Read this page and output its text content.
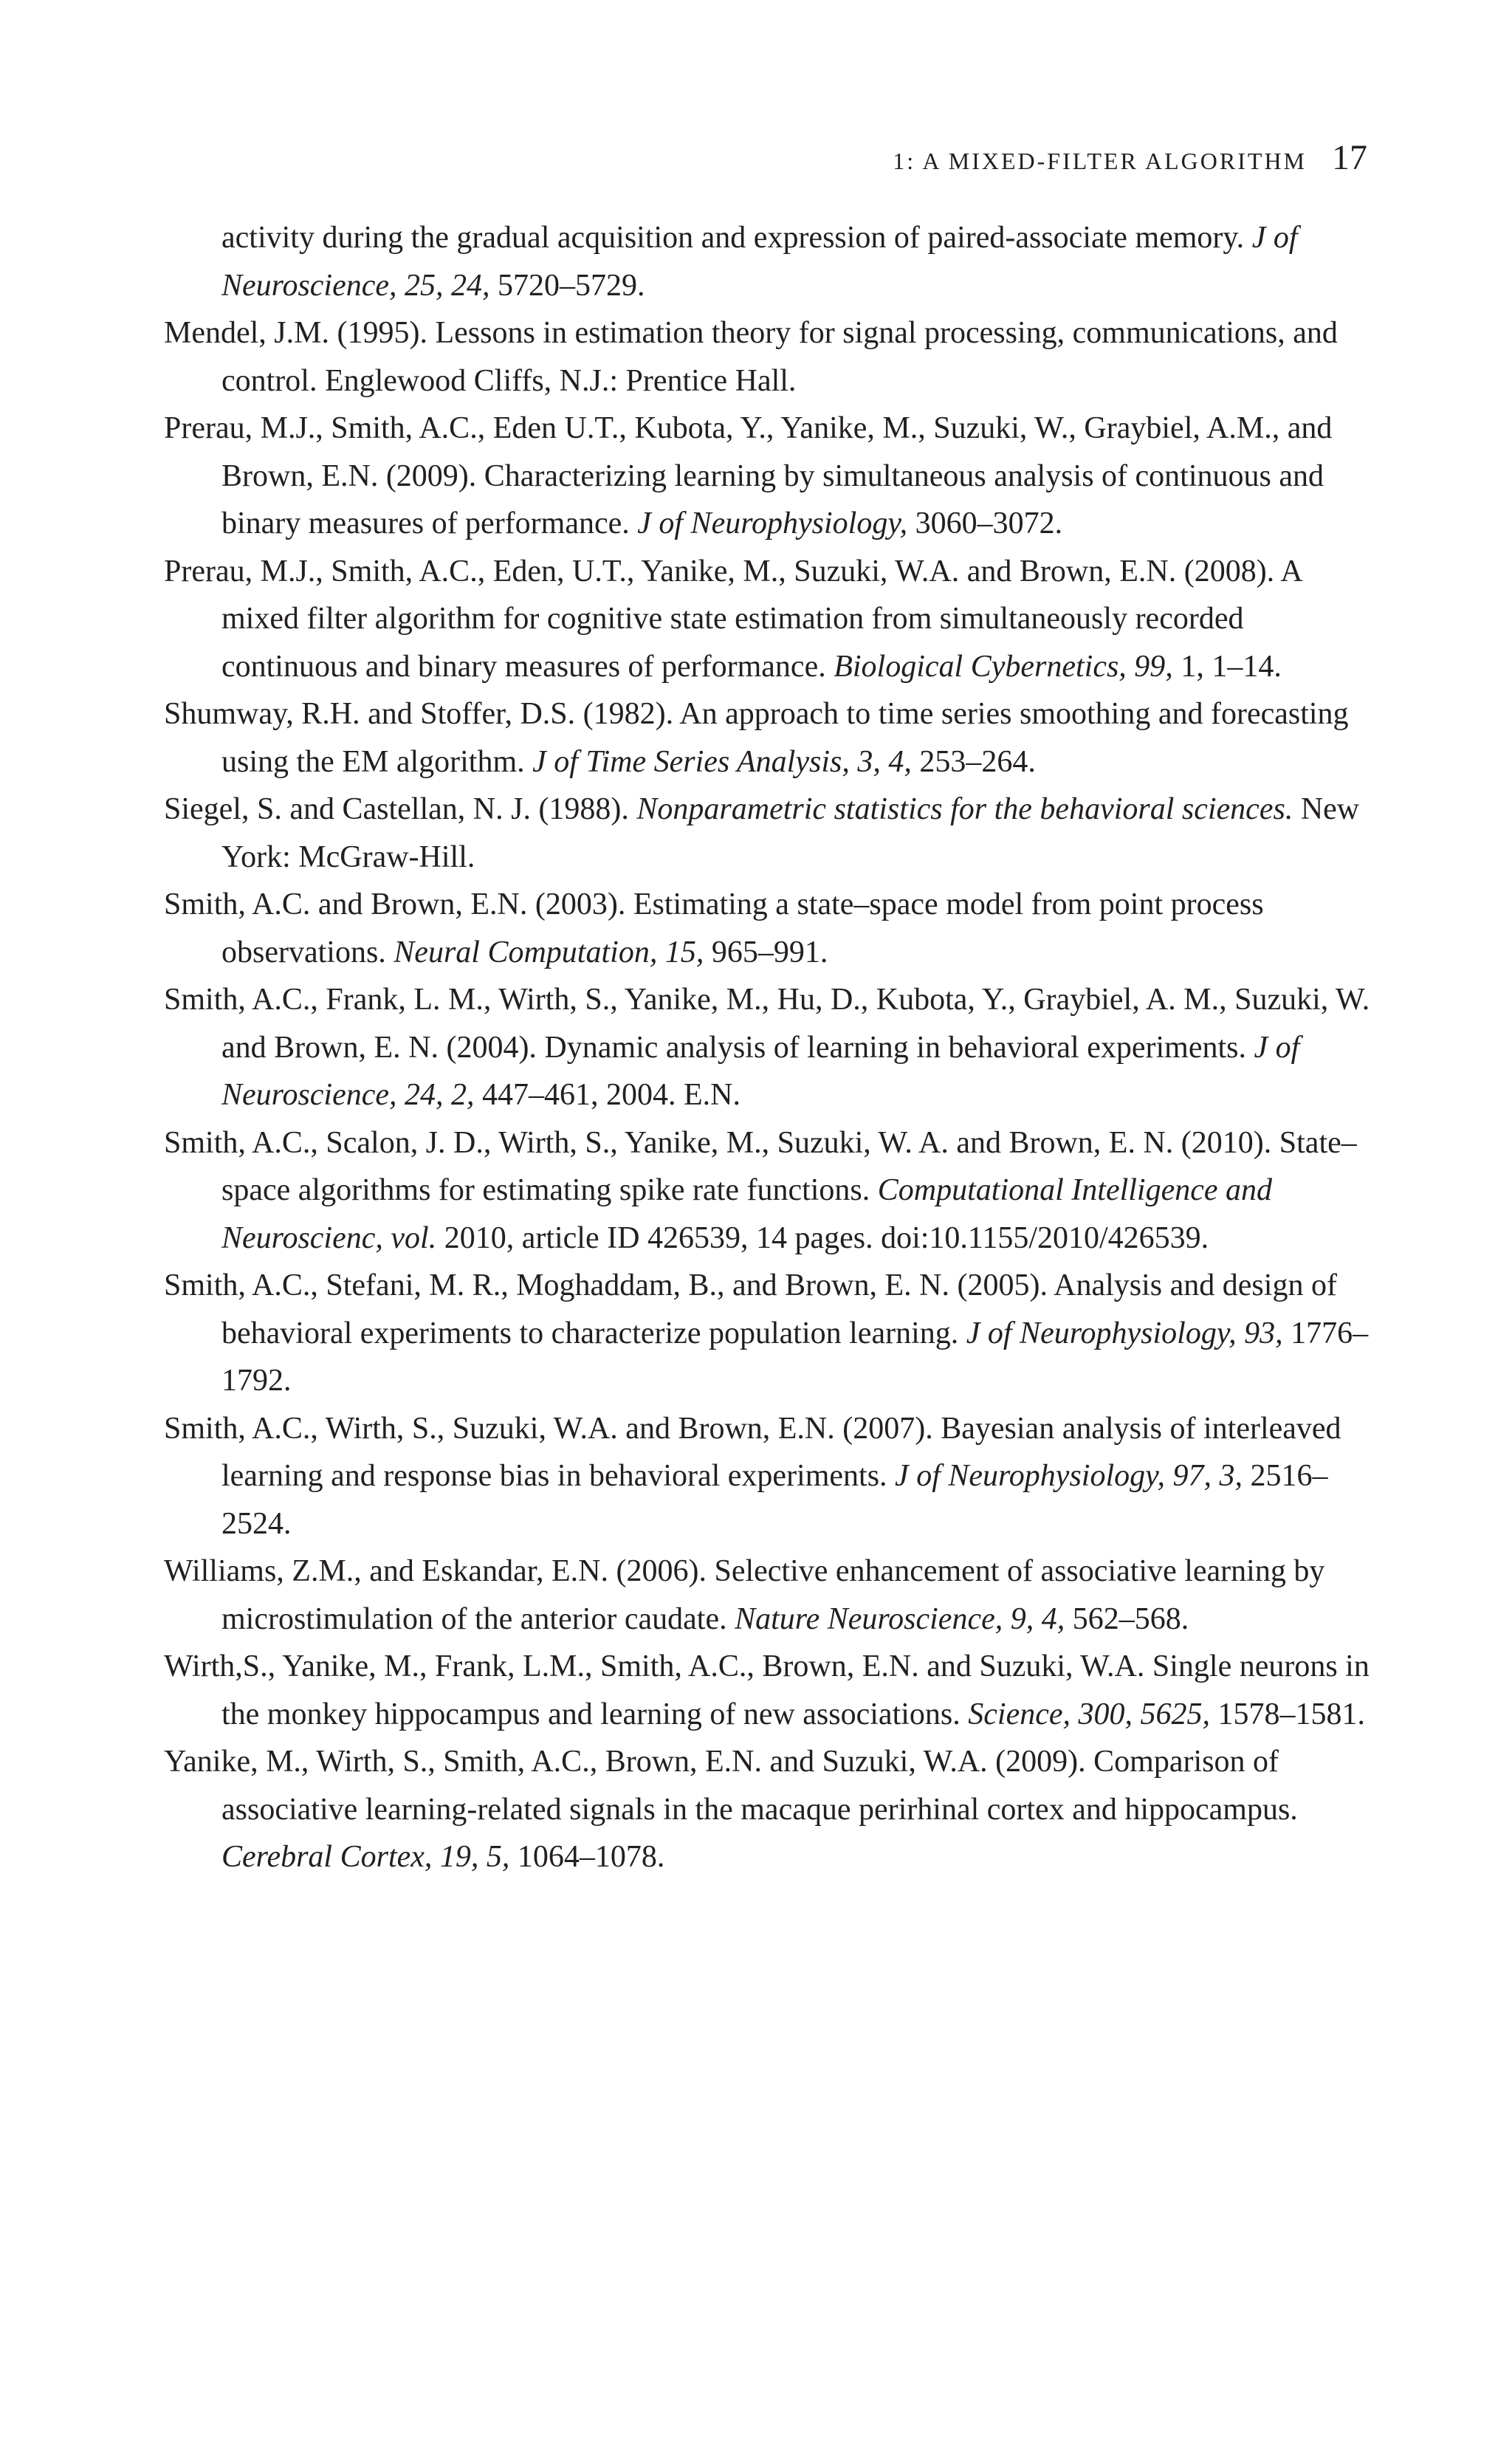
1: A MIXED-FILTER ALGORITHM 17

activity during the gradual acquisition and expression of paired-associate memory. J of Neuroscience, 25, 24, 5720–5729.

Mendel, J.M. (1995). Lessons in estimation theory for signal processing, communications, and control. Englewood Cliffs, N.J.: Prentice Hall.

Prerau, M.J., Smith, A.C., Eden U.T., Kubota, Y., Yanike, M., Suzuki, W., Graybiel, A.M., and Brown, E.N. (2009). Characterizing learning by simultaneous analysis of continuous and binary measures of performance. J of Neurophysiology, 3060–3072.

Prerau, M.J., Smith, A.C., Eden, U.T., Yanike, M., Suzuki, W.A. and Brown, E.N. (2008). A mixed filter algorithm for cognitive state estimation from simultaneously recorded continuous and binary measures of performance. Biological Cybernetics, 99, 1, 1–14.

Shumway, R.H. and Stoffer, D.S. (1982). An approach to time series smoothing and forecasting using the EM algorithm. J of Time Series Analysis, 3, 4, 253–264.

Siegel, S. and Castellan, N. J. (1988). Nonparametric statistics for the behavioral sciences. New York: McGraw-Hill.

Smith, A.C. and Brown, E.N. (2003). Estimating a state–space model from point process observations. Neural Computation, 15, 965–991.

Smith, A.C., Frank, L. M., Wirth, S., Yanike, M., Hu, D., Kubota, Y., Graybiel, A. M., Suzuki, W. and Brown, E. N. (2004). Dynamic analysis of learning in behavioral experiments. J of Neuroscience, 24, 2, 447–461, 2004. E.N.

Smith, A.C., Scalon, J. D., Wirth, S., Yanike, M., Suzuki, W. A. and Brown, E. N. (2010). State–space algorithms for estimating spike rate functions. Computational Intelligence and Neuroscienc, vol. 2010, article ID 426539, 14 pages. doi:10.1155/2010/426539.

Smith, A.C., Stefani, M. R., Moghaddam, B., and Brown, E. N. (2005). Analysis and design of behavioral experiments to characterize population learning. J of Neurophysiology, 93, 1776–1792.

Smith, A.C., Wirth, S., Suzuki, W.A. and Brown, E.N. (2007). Bayesian analysis of interleaved learning and response bias in behavioral experiments. J of Neurophysiology, 97, 3, 2516–2524.

Williams, Z.M., and Eskandar, E.N. (2006). Selective enhancement of associative learning by microstimulation of the anterior caudate. Nature Neuroscience, 9, 4, 562–568.

Wirth,S., Yanike, M., Frank, L.M., Smith, A.C., Brown, E.N. and Suzuki, W.A. Single neurons in the monkey hippocampus and learning of new associations. Science, 300, 5625, 1578–1581.

Yanike, M., Wirth, S., Smith, A.C., Brown, E.N. and Suzuki, W.A. (2009). Comparison of associative learning-related signals in the macaque perirhinal cortex and hippocampus. Cerebral Cortex, 19, 5, 1064–1078.
